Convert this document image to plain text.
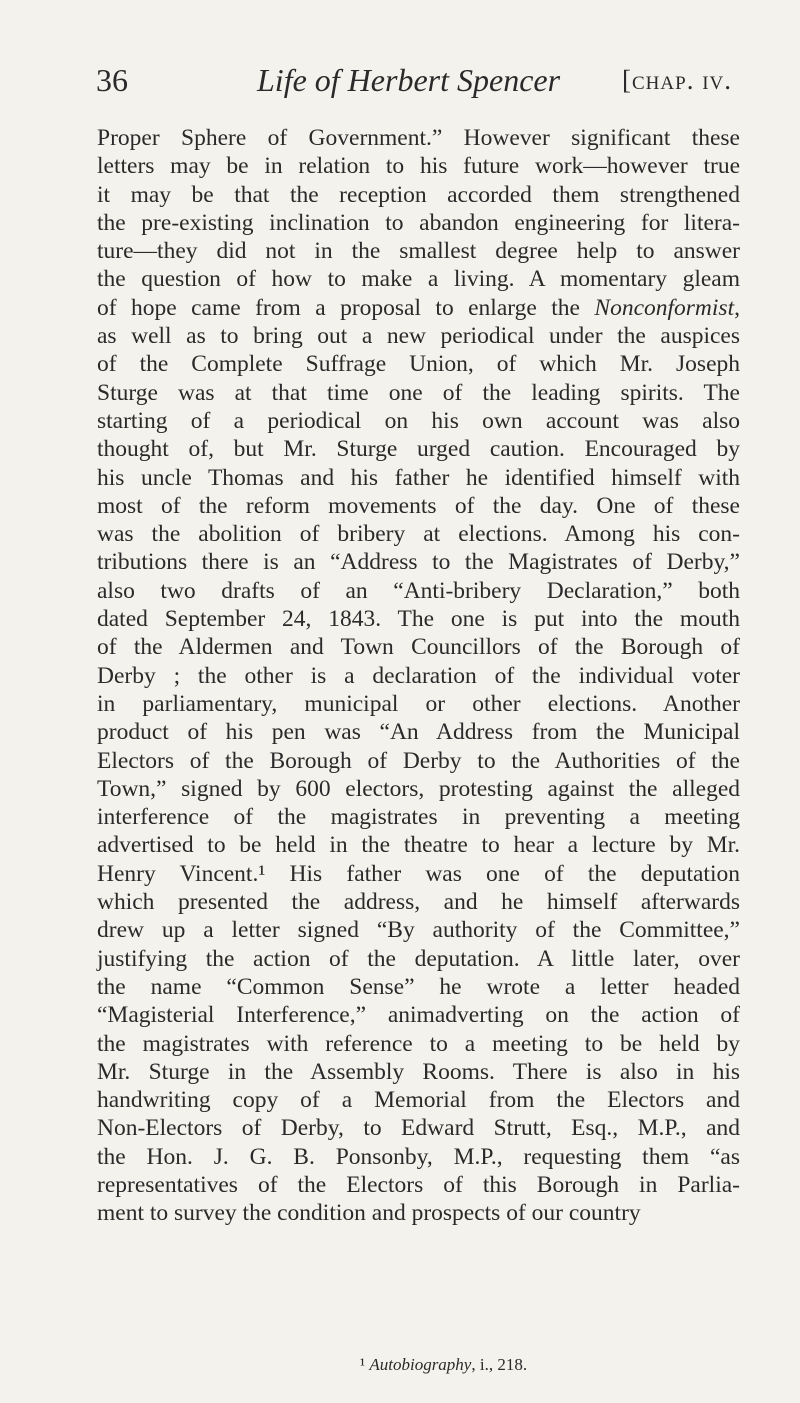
36	Life of Herbert Spencer [chap. iv.
Proper Sphere of Government.” However significant these
letters may be in relation to his future work—however true
it may be that the reception accorded them strengthened
the pre-existing inclination to abandon engineering for litera-
ture—they did not in the smallest degree help to answer
the question of how to make a living. A momentary gleam
of hope came from a proposal to enlarge the Nonconformist,
as well as to bring out a new periodical under the auspices
of the Complete Suffrage Union, of which Mr. Joseph
Sturge was at that time one of the leading spirits. The
starting of a periodical on his own account was also
thought of, but Mr. Sturge urged caution. Encouraged by
his uncle Thomas and his father he identified himself with
most of the reform movements of the day. One of these
was the abolition of bribery at elections. Among his con-
tributions there is an “Address to the Magistrates of Derby,”
also two drafts of an “Anti-bribery Declaration,” both
dated September 24, 1843. The one is put into the mouth
of the Aldermen and Town Councillors of the Borough of
Derby ; the other is a declaration of the individual voter
in parliamentary, municipal or other elections. Another
product of his pen was “An Address from the Municipal
Electors of the Borough of Derby to the Authorities of the
Town,” signed by 600 electors, protesting against the alleged
interference of the magistrates in preventing a meeting
advertised to be held in the theatre to hear a lecture by Mr.
Henry Vincent.¹ His father was one of the deputation
which presented the address, and he himself afterwards
drew up a letter signed “By authority of the Committee,”
justifying the action of the deputation. A little later, over
the name “Common Sense” he wrote a letter headed
“Magisterial Interference,” animadverting on the action of
the magistrates with reference to a meeting to be held by
Mr. Sturge in the Assembly Rooms. There is also in his
handwriting copy of a Memorial from the Electors and
Non-Electors of Derby, to Edward Strutt, Esq., M.P., and
the Hon. J. G. B. Ponsonby, M.P., requesting them “as
representatives of the Electors of this Borough in Parlia-
ment to survey the condition and prospects of our country
¹ Autobiography, i., 218.
